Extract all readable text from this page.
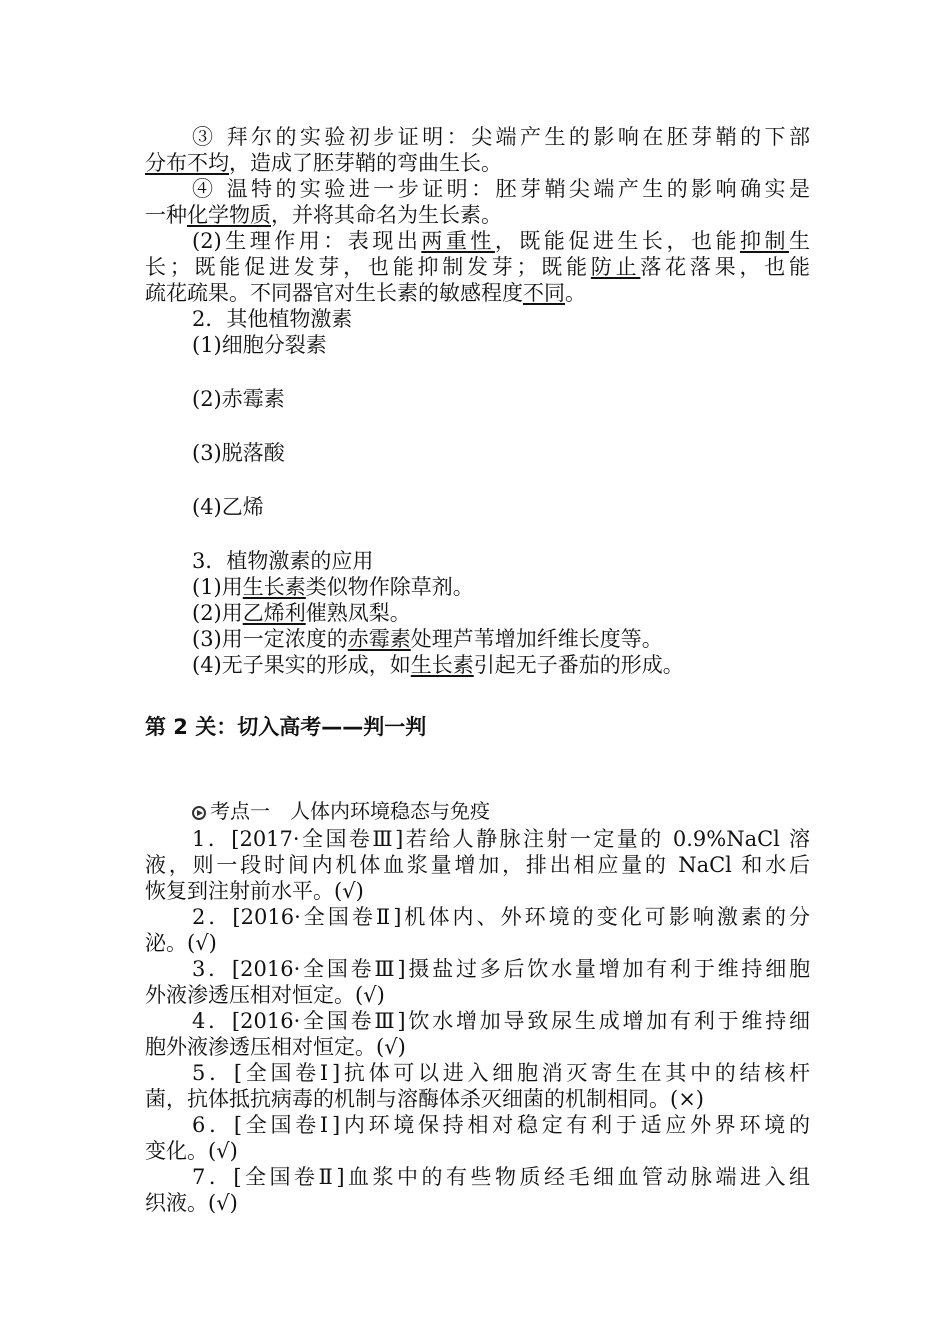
③ 拜尔的实验初步证明：尖端产生的影响在胚芽鞘的下部
分布不均，造成了胚芽鞘的弯曲生长。
④ 温特的实验进一步证明：胚芽鞘尖端产生的影响确实是
一种化学物质，并将其命名为生长素。
(2)生理作用：表现出两重性，既能促进生长，也能抑制生
长；既能促进发芽，也能抑制发芽；既能防止落花落果，也能
疏花疏果。不同器官对生长素的敏感程度不同。
2．其他植物激素
(1)细胞分裂素
(2)赤霉素
(3)脱落酸
(4)乙烯
3．植物激素的应用
(1)用生长素类似物作除草剂。
(2)用乙烯利催熟凤梨。
(3)用一定浓度的赤霉素处理芦苇增加纤维长度等。
(4)无子果实的形成，如生长素引起无子番茄的形成。
第 2 关：切入高考——判一判
考点一　人体内环境稳态与免疫
1．[2017·全国卷Ⅲ]若给人静脉注射一定量的 0.9%NaCl 溶
液，则一段时间内机体血浆量增加，排出相应量的 NaCl 和水后
恢复到注射前水平。(√)
2．[2016·全国卷Ⅱ]机体内、外环境的变化可影响激素的分
泌。(√)
3．[2016·全国卷Ⅲ]摄盐过多后饮水量增加有利于维持细胞
外液渗透压相对恒定。(√)
4．[2016·全国卷Ⅲ]饮水增加导致尿生成增加有利于维持细
胞外液渗透压相对恒定。(√)
5．[全国卷Ⅰ]抗体可以进入细胞消灭寄生在其中的结核杆
菌，抗体抵抗病毒的机制与溶酶体杀灭细菌的机制相同。(×)
6．[全国卷Ⅰ]内环境保持相对稳定有利于适应外界环境的
变化。(√)
7．[全国卷Ⅱ]血浆中的有些物质经毛细血管动脉端进入组
织液。(√)
